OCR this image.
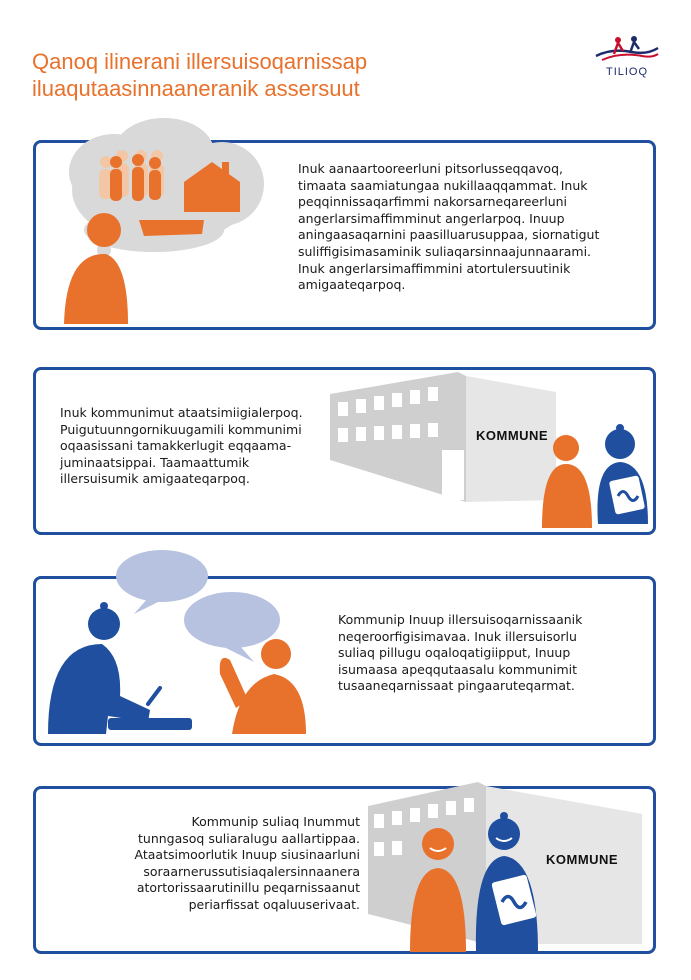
Qanoq ilinerani illersuisoqarnissap
iluaqutaasinnaaneranik assersuut
TILIOQ

Inuk aanaartooreerluni pitsorlusseqqavoq,
timaata saamiatungaa nukillaaqqammat. Inuk
peqqinnissaqarfimmi nakorsarneqareerluni
angerlarsimaffimminut angerlarpoq. Inuup
aningaasaqarnini paasilluarusuppaa, siornatigut
suliffigisimasaminik suliaqarsinnaajunnaarami.
Inuk angerlarsimaffimmini atortulersuutinik
amigaateqarpoq.

Inuk kommunimut ataatsimiigialerpoq.
Puigutuunngornikuugamili kommunimi
oqaasissani tamakkerlugit eqqaama-
juminaatsippai. Taamaattumik
illersuisumik amigaateqarpoq.

KOMMUNE

Kommunip Inuup illersuisoqarnissaanik
neqeroorfigisimavaa. Inuk illersuisorlu
suliaq pillugu oqaloqatigiipput, Inuup
isumaasa apeqqutaasalu kommunimit
tusaaneqarnissaat pingaaruteqarmat.

Kommunip suliaq Inummut
tunngasoq suliaralugu aallartippaa.
Ataatsimoorlutik Inuup siusinaarluni
soraarnerussutisiaqalersinnaanera
atortorissaarutinillu peqarnissaanut
periarfissat oqaluuserivaat.

KOMMUNE
